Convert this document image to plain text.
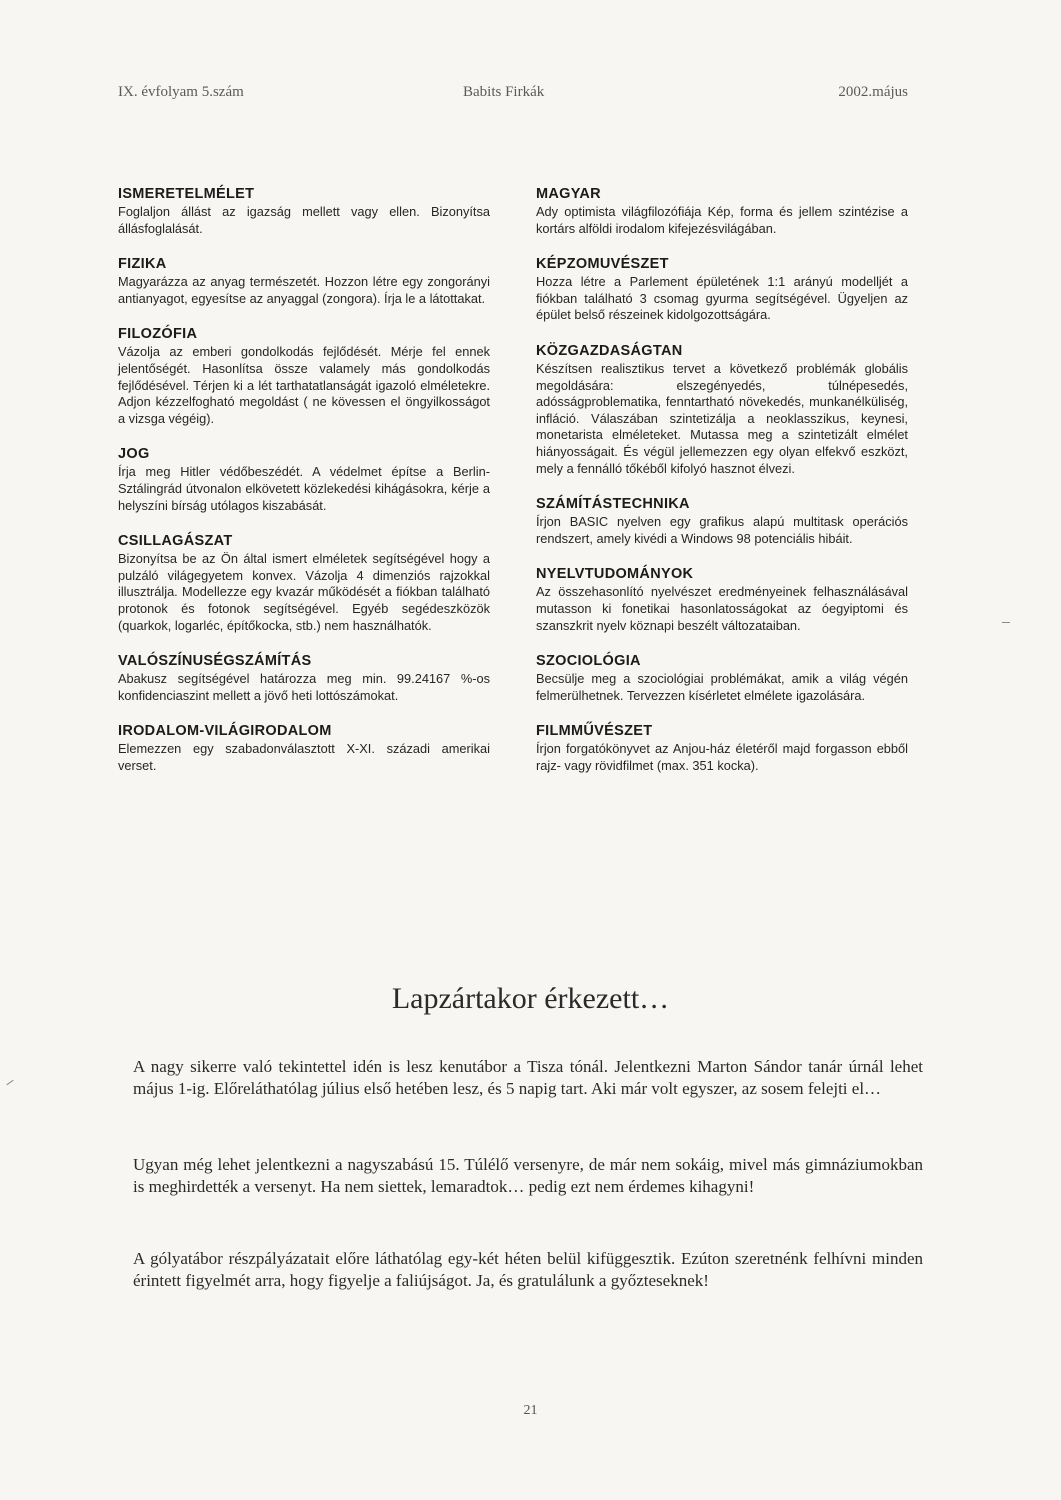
IX. évfolyam 5.szám	Babits Firkák	2002.május
ISMERETELMÉLET

Foglaljon állást az igazság mellett vagy ellen. Bizonyítsa állásfoglalását.

FIZIKA

Magyarázza az anyag természetét. Hozzon létre egy zongorányi antianyagot, egyesítse az anyaggal (zongora). Írja le a látottakat.

FILOZÓFIA

Vázolja az emberi gondolkodás fejlődését. Mérje fel ennek jelentőségét. Hasonlítsa össze valamely más gondolkodás fejlődésével. Térjen ki a lét tarthatatlanságát igazoló elméletekre. Adjon kézzelfogható megoldást ( ne kövessen el öngyilkosságot a vizsga végéig).

JOG

Írja meg Hitler védőbeszédét. A védelmet építse a Berlin-Sztálingrád útvonalon elkövetett közlekedési kihágásokra, kérje a helyszíni bírság utólagos kiszabását.

CSILLAGÁSZAT

Bizonyítsa be az Ön által ismert elméletek segítségével hogy a pulzáló világegyetem konvex. Vázolja 4 dimenziós rajzokkal illusztrálja. Modellezze egy kvazár működését a fiókban található protonok és fotonok segítségével. Egyéb segédeszközök (quarkok, logarléc, építőkocka, stb.) nem használhatók.

VALÓSZÍNUSÉGSZÁMÍTÁS

Abakusz segítségével határozza meg min. 99.24167 %-os konfidenciaszint mellett a jövő heti lottószámokat.

IRODALOM-VILÁGIRODALOM

Elemezzen egy szabadonválasztott X-XI. századi amerikai verset.

MAGYAR

Ady optimista világfilozófiája Kép, forma és jellem szintézise a kortárs alföldi irodalom kifejezésvilágában.

KÉPZOMUVÉSZET

Hozza létre a Parlement épületének 1:1 arányú modelljét a fiókban található 3 csomag gyurma segítségével. Ügyeljen az épület belső részeinek kidolgozottságára.

KÖZGAZDASÁGTAN

Készítsen realisztikus tervet a következő problémák globális megoldására: elszegényedés, túlnépesedés, adósságproblematika, fenntartható növekedés, munkanélküliség, infláció. Válaszában szintetizálja a neoklasszikus, keynesi, monetarista elméleteket. Mutassa meg a szintetizált elmélet hiányosságait. És végül jellemezzen egy olyan elfekvő eszközt, mely a fennálló tőkéből kifolyó hasznot élvezi.

SZÁMÍTÁSTECHNIKA

Írjon BASIC nyelven egy grafikus alapú multitask operációs rendszert, amely kivédi a Windows 98 potenciális hibáit.

NYELVTUDOMÁNYOK

Az összehasonlító nyelvészet eredményeinek felhasználásával mutasson ki fonetikai hasonlatosságokat az óegyiptomi és szanszkrit nyelv köznapi beszélt változataiban.

SZOCIOLÓGIA

Becsülje meg a szociológiai problémákat, amik a világ végén felmerülhetnek. Tervezzen kísérletet elmélete igazolására.

FILMMŰVÉSZET

Írjon forgatókönyvet az Anjou-ház életéről majd forgasson ebből rajz- vagy rövidfilmet (max. 351 kocka).

Lapzártakor érkezett…

A nagy sikerre való tekintettel idén is lesz kenutábor a Tisza tónál. Jelentkezni Marton Sándor tanár úrnál lehet május 1-ig. Előreláthatólag július első hetében lesz, és 5 napig tart. Aki már volt egyszer, az sosem felejti el…

Ugyan még lehet jelentkezni a nagyszabású 15. Túlélő versenyre, de már nem sokáig, mivel más gimnáziumokban is meghirdették a versenyt. Ha nem siettek, lemaradtok… pedig ezt nem érdemes kihagyni!

A gólyatábor részpályázatait előre láthatólag egy-két héten belül kifüggesztik. Ezúton szeretnénk felhívni minden érintett figyelmét arra, hogy figyelje a faliújságot. Ja, és gratulálunk a győzteseknek!

21
